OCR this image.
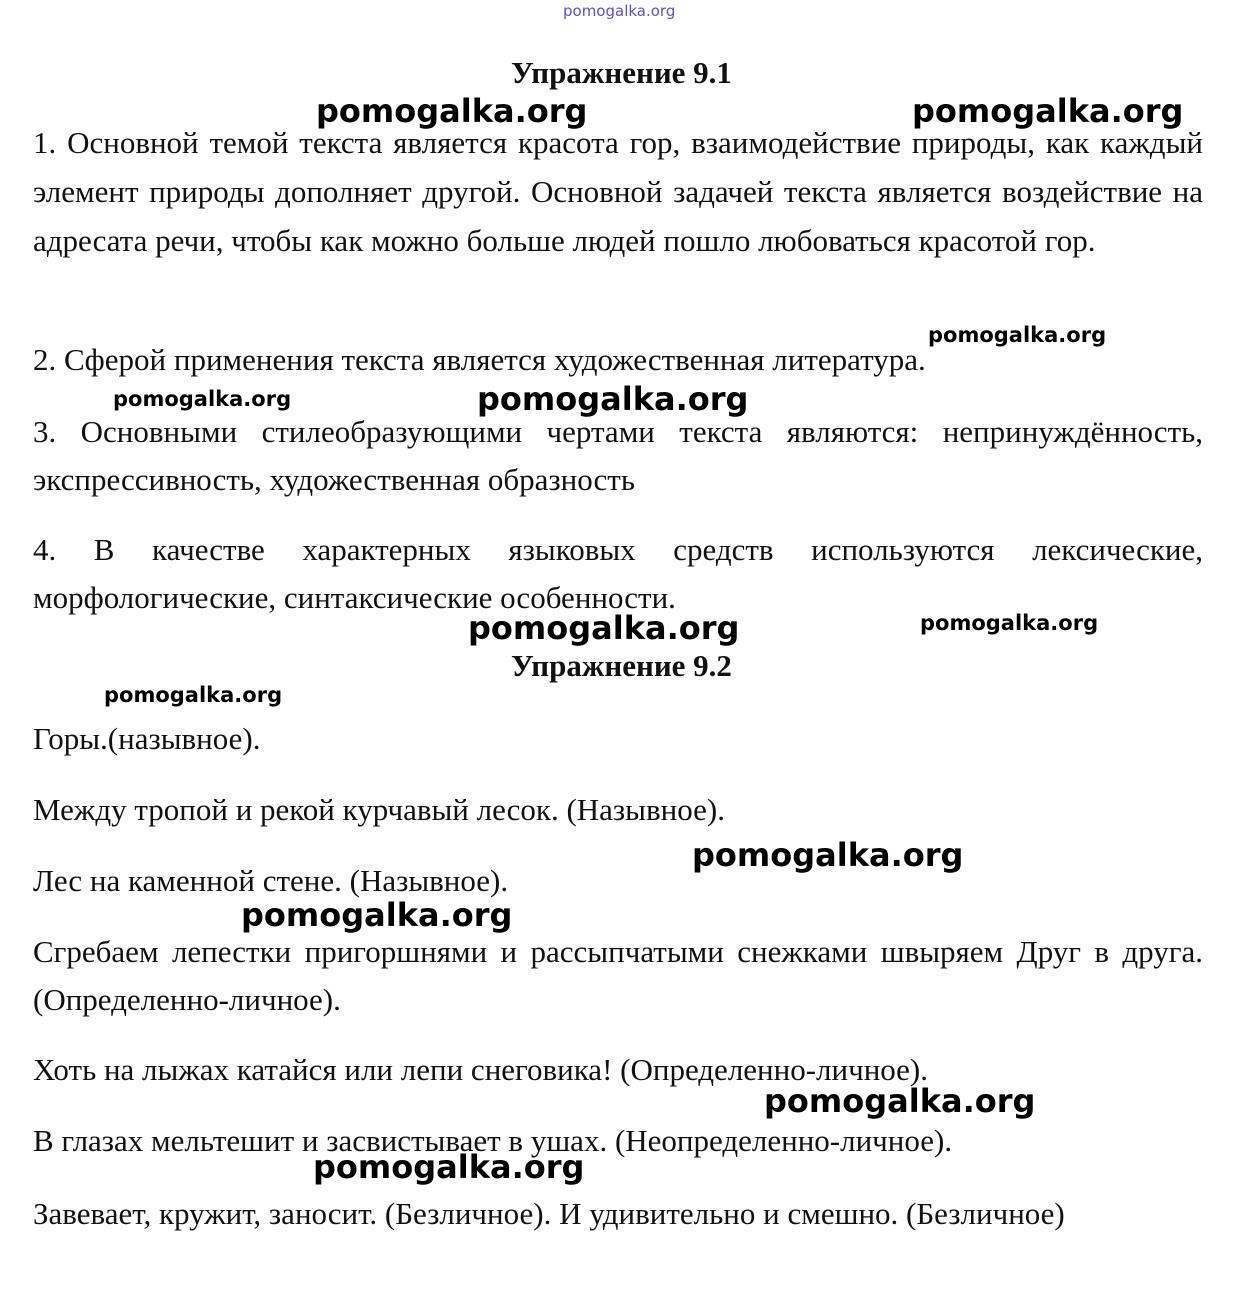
pomogalka.org
Упражнение 9.1

1. Основной темой текста является красота гор, взаимодействие природы, как каждый элемент природы дополняет другой. Основной задачей текста является воздействие на адресата речи, чтобы как можно больше людей пошло любоваться красотой гор.

2. Сферой применения текста является художественная литература.

3. Основными стилеобразующими чертами текста являются: непринуждённость, экспрессивность, художественная образность

4. В качестве характерных языковых средств используются лексические, морфологические, синтаксические особенности.

Упражнение 9.2

Горы.(назывное).

Между тропой и рекой курчавый лесок. (Назывное).

Лес на каменной стене. (Назывное).

Сгребаем лепестки пригоршнями и рассыпчатыми снежками швыряем Друг в друга. (Определенно-личное).

Хоть на лыжах катайся или лепи снеговика! (Определенно-личное).

В глазах мельтешит и засвистывает в ушах. (Неопределенно-личное).

Завевает, кружит, заносит. (Безличное). И удивительно и смешно. (Безличное)

pomogalka.org	pomogalka.org
pomogalka.org
pomogalka.org	pomogalka.org
pomogalka.org	pomogalka.org
pomogalka.org
pomogalka.org
pomogalka.org
pomogalka.org
pomogalka.org
